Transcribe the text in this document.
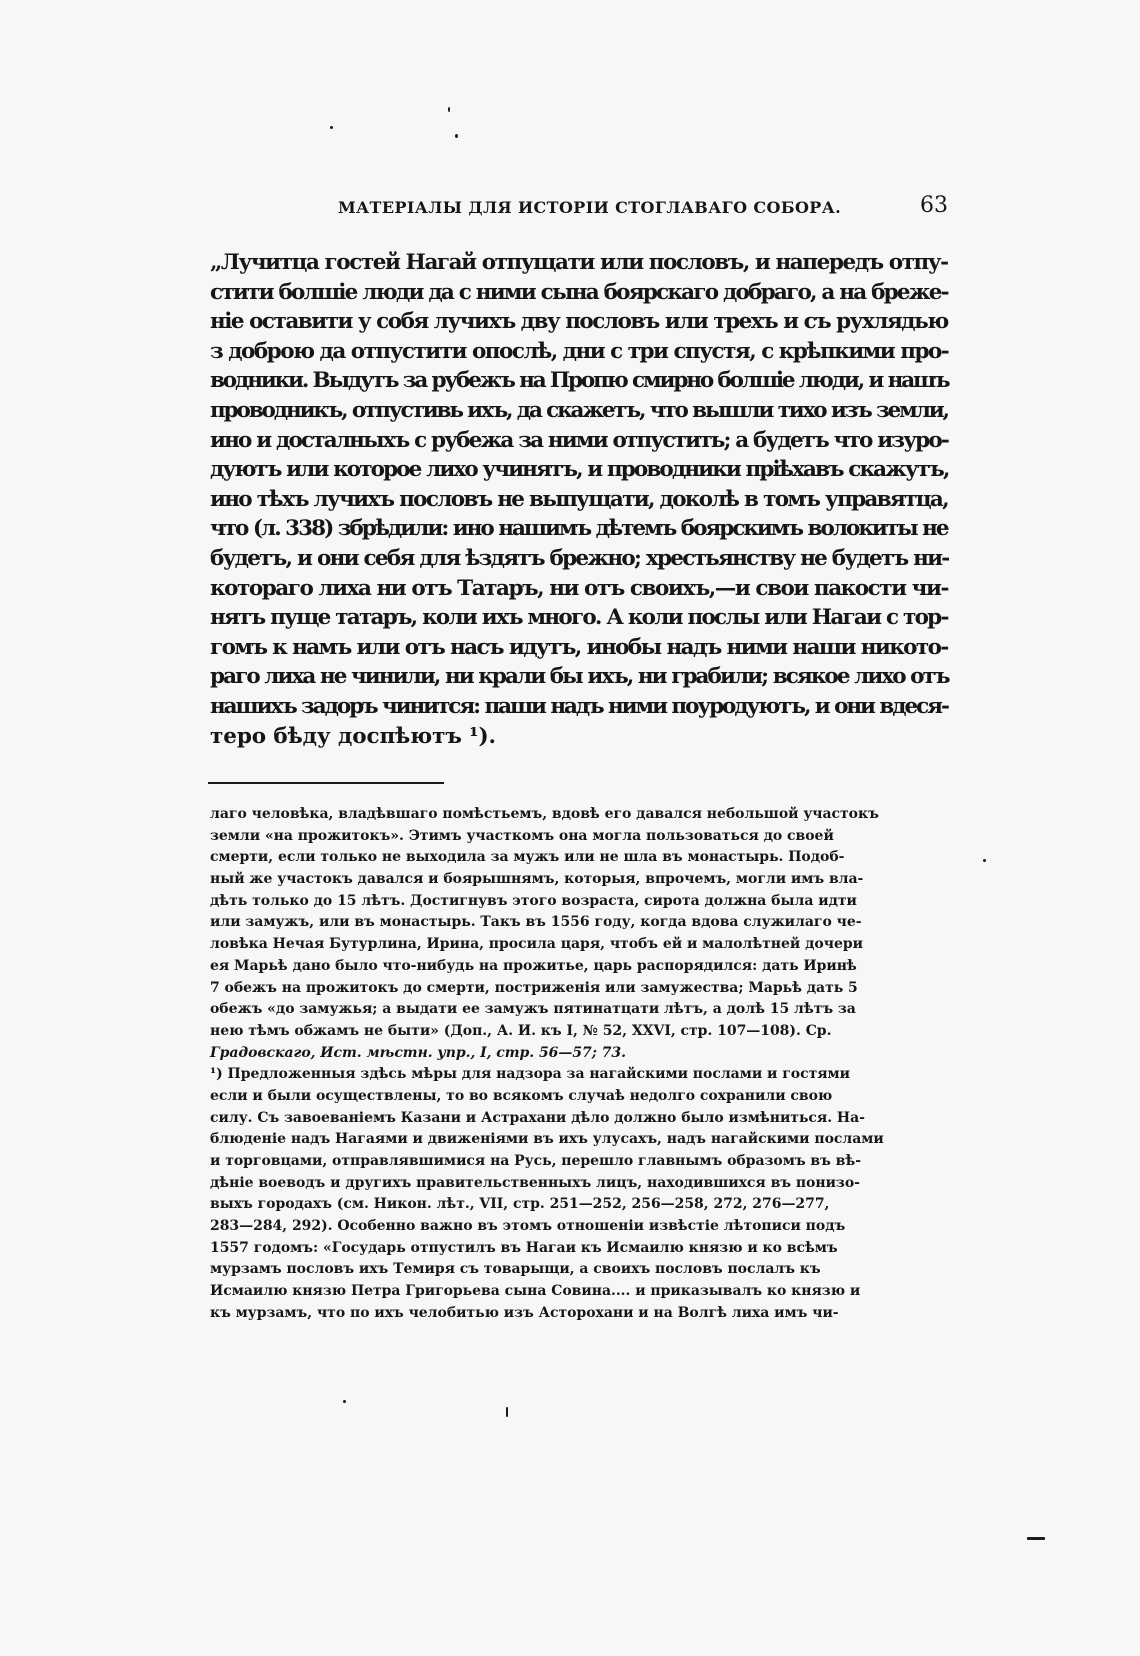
МАТЕРІАЛЫ ДЛЯ ИСТОРІИ СТОГЛАВАГО СОБОРА.	63
„Лучитца гостей Нагай отпущати или пословъ, и напередъ отпу-
стити болшіе люди да с ними сына боярскаго добраго, а на бреже-
ніе оставити у собя лучихъ дву пословъ или трехъ и съ рухлядью
з доброю да отпустити опослѣ, дни с три спустя, с крѣпкими про-
водники. Выдутъ за рубежъ на Пропю смирно болшіе люди, и нашъ
проводникъ, отпустивь ихъ, да скажетъ, что вышли тихо изъ земли,
ино и досталныхъ с рубежа за ними отпустить; а будетъ что изуро-
дуютъ или которое лихо учинятъ, и проводники пріѣхавъ скажутъ,
ино тѣхъ лучихъ пословъ не выпущати, доколѣ в томъ управятца,
что (л. 338) збрѣдили: ино нашимъ дѣтемъ боярскимъ волокиты не
будетъ, и они себя для ѣздятъ брежно; хрестьянству не будетъ ни-
котораго лиха ни отъ Татаръ, ни отъ своихъ,—и свои пакости чи-
нятъ пуще татаръ, коли ихъ много. А коли послы или Нагаи с тор-
гомъ к намъ или отъ насъ идутъ, инобы надъ ними наши никото-
раго лиха не чинили, ни крали бы ихъ, ни грабили; всякое лихо отъ
нашихъ задоръ чинится: паши надъ ними поуродуютъ, и они вдеся-
теро бѣду доспѣютъ ¹).
лаго человѣка, владѣвшаго помѣстьемъ, вдовѣ его давался небольшой участокъ
земли «на прожитокъ». Этимъ участкомъ она могла пользоваться до своей
смерти, если только не выходила за мужъ или не шла въ монастырь. Подоб-
ный же участокъ давался и боярышнямъ, которыя, впрочемъ, могли имъ вла-
дѣть только до 15 лѣтъ. Достигнувъ этого возраста, сирота должна была идти
или замужъ, или въ монастырь. Такъ въ 1556 году, когда вдова служилаго че-
ловѣка Нечая Бутурлина, Ирина, просила царя, чтобъ ей и малолѣтней дочери
ея Марьѣ дано было что-нибудь на прожитье, царь распорядился: дать Иринѣ
7 обежъ на прожитокъ до смерти, постриженія или замужества; Марьѣ дать 5
обежъ «до замужья; а выдати ее замужъ пятинатцати лѣтъ, а долѣ 15 лѣтъ за
нею тѣмъ обжамъ не быти» (Доп., А. И. къ I, № 52, XXVI, стр. 107—108). Ср.
Градовскаго, Ист. мѣстн. упр., I, стр. 56—57; 73.
¹) Предложенныя здѣсь мѣры для надзора за нагайскими послами и гостями
если и были осуществлены, то во всякомъ случаѣ недолго сохранили свою
силу. Съ завоеваніемъ Казани и Астрахани дѣло должно было измѣниться. На-
блюденіе надъ Нагаями и движеніями въ ихъ улусахъ, надъ нагайскими послами
и торговцами, отправлявшимися на Русь, перешло главнымъ образомъ въ вѣ-
дѣніе воеводъ и другихъ правительственныхъ лицъ, находившихся въ понизо-
выхъ городахъ (см. Никон. лѣт., VII, стр. 251—252, 256—258, 272, 276—277,
283—284, 292). Особенно важно въ этомъ отношеніи извѣстіе лѣтописи подъ
1557 годомъ: «Государь отпустилъ въ Нагаи къ Исмаилю князю и ко всѣмъ
мурзамъ пословъ ихъ Темиря съ товарыщи, а своихъ пословъ послалъ къ
Исмаилю князю Петра Григорьева сына Совина.... и приказывалъ ко князю и
къ мурзамъ, что по ихъ челобитью изъ Асторохани и на Волгѣ лиха имъ чи-
